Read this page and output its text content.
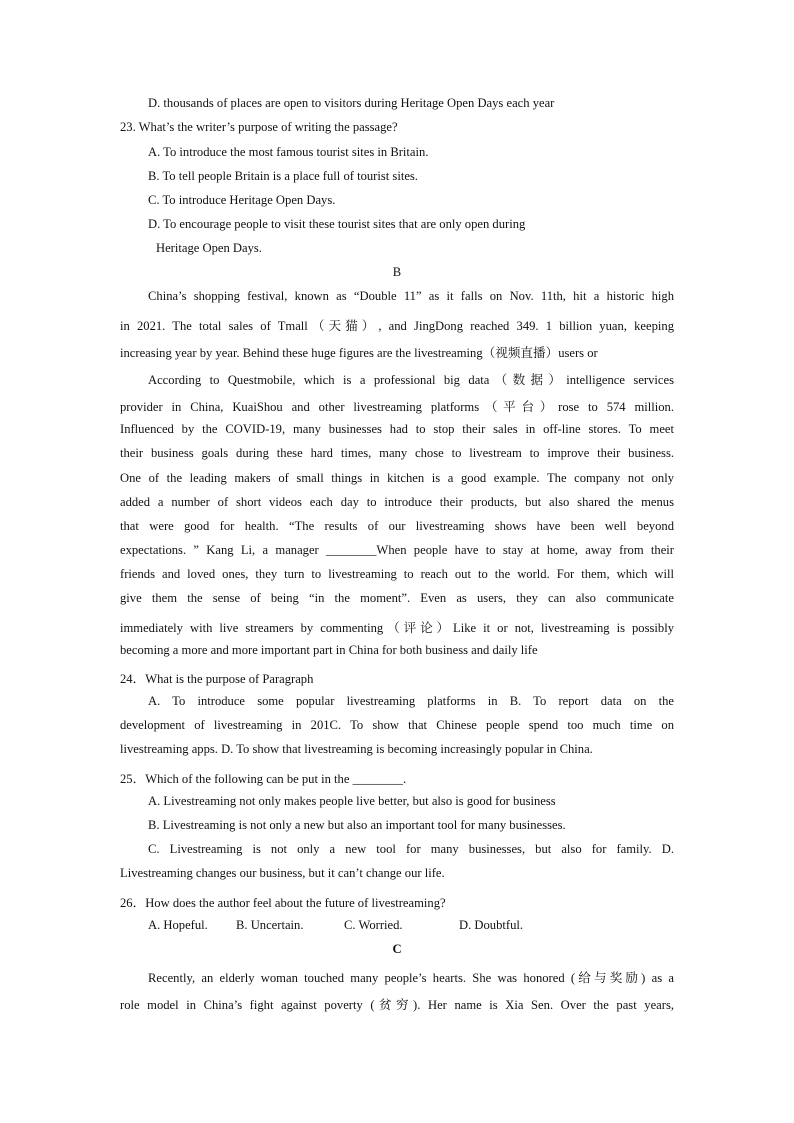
D. thousands of places are open to visitors during Heritage Open Days each year
23. What’s the writer’s purpose of writing the passage?
A. To introduce the most famous tourist sites in Britain.
B. To tell people Britain is a place full of tourist sites.
C. To introduce Heritage Open Days.
D. To encourage people to visit these tourist sites that are only open during
Heritage Open Days.
B
China’s shopping festival, known as “Double 11” as it falls on Nov. 11th, hit a historic high
in 2021. The total sales of Tmall（天猫）, and JingDong reached 349. 1 billion yuan, keeping
increasing year by year. Behind these huge figures are the livestreaming（视频直播）users or
According to Questmobile, which is a professional big data（数据）intelligence services
provider in China, KuaiShou and other livestreaming platforms（平台）rose to 574 million.
Influenced by the COVID-19, many businesses had to stop their sales in off-line stores. To meet
their business goals during these hard times, many chose to livestream to improve their business.
One of the leading makers of small things in kitchen is a good example. The company not only
added a number of short videos each day to introduce their products, but also shared the menus
that were good for health. “The results of our livestreaming shows have been well beyond
expectations. ” Kang Li, a manager ________When people have to stay at home, away from their
friends and loved ones, they turn to livestreaming to reach out to the world. For them, which will
give them the sense of being “in the moment”. Even as users, they can also communicate
immediately with live streamers by commenting（评论）Like it or not, livestreaming is possibly
becoming a more and more important part in China for both business and daily life
24．What is the purpose of Paragraph
A. To introduce some popular livestreaming platforms in B. To report data on the
development of livestreaming in 201C. To show that Chinese people spend too much time on
livestreaming apps. D. To show that livestreaming is becoming increasingly popular in China.
25．Which of the following can be put in the ________.
A. Livestreaming not only makes people live better, but also is good for business
B. Livestreaming is not only a new but also an important tool for many businesses.
C. Livestreaming is not only a new tool for many businesses, but also for family. D.
Livestreaming changes our business, but it can’t change our life.
26．How does the author feel about the future of livestreaming?
A. Hopeful. B. Uncertain.	C. Worried.	D. Doubtful.
C
Recently, an elderly woman touched many people’s hearts. She was honored (给与奖励) as a
role model in China’s fight against poverty (贫穷). Her name is Xia Sen. Over the past years,
